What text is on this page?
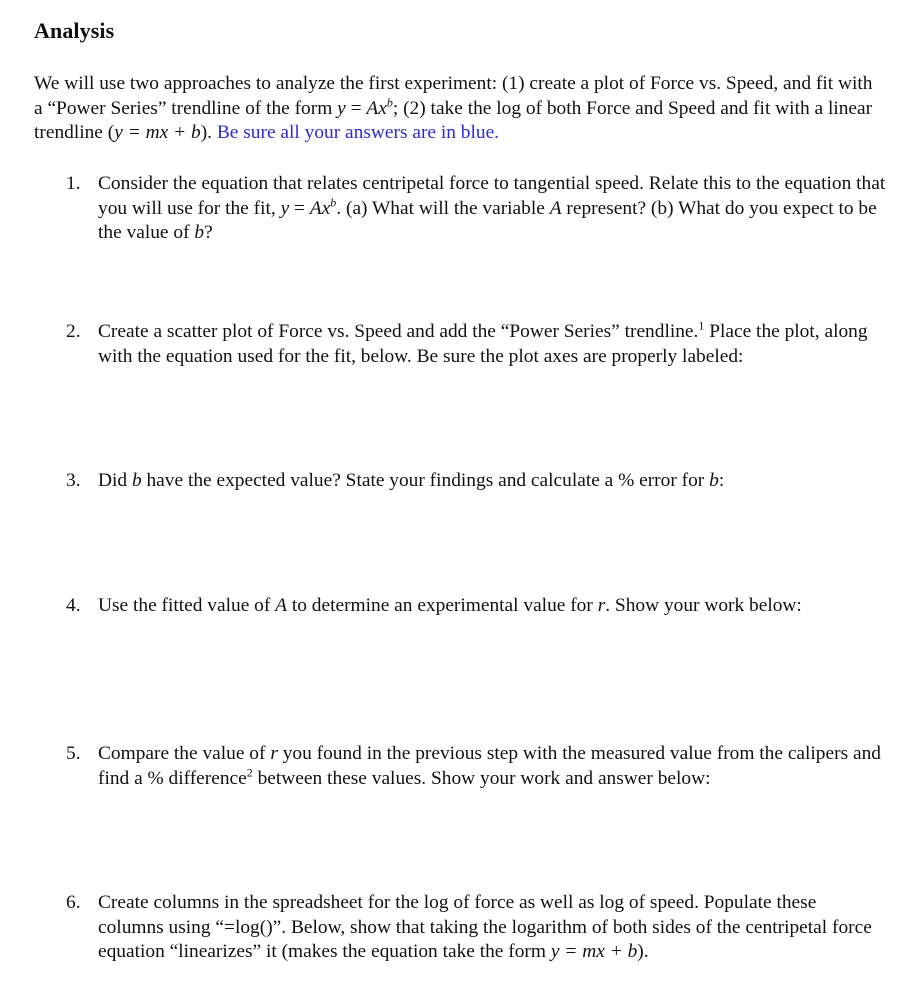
Analysis
We will use two approaches to analyze the first experiment: (1) create a plot of Force vs. Speed, and fit with a “Power Series” trendline of the form $y = Ax^b$; (2) take the log of both Force and Speed and fit with a linear trendline (y = mx + b). Be sure all your answers are in blue.
1. Consider the equation that relates centripetal force to tangential speed. Relate this to the equation that you will use for the fit, $y = Ax^b$. (a) What will the variable A represent? (b) What do you expect to be the value of b?
2. Create a scatter plot of Force vs. Speed and add the “Power Series” trendline.$^1$ Place the plot, along with the equation used for the fit, below. Be sure the plot axes are properly labeled:
3. Did b have the expected value? State your findings and calculate a % error for b:
4. Use the fitted value of A to determine an experimental value for r. Show your work below:
5. Compare the value of r you found in the previous step with the measured value from the calipers and find a % difference$^2$ between these values. Show your work and answer below:
6. Create columns in the spreadsheet for the log of force as well as log of speed. Populate these columns using “=log()”. Below, show that taking the logarithm of both sides of the centripetal force equation “linearizes” it (makes the equation take the form y = mx + b).
